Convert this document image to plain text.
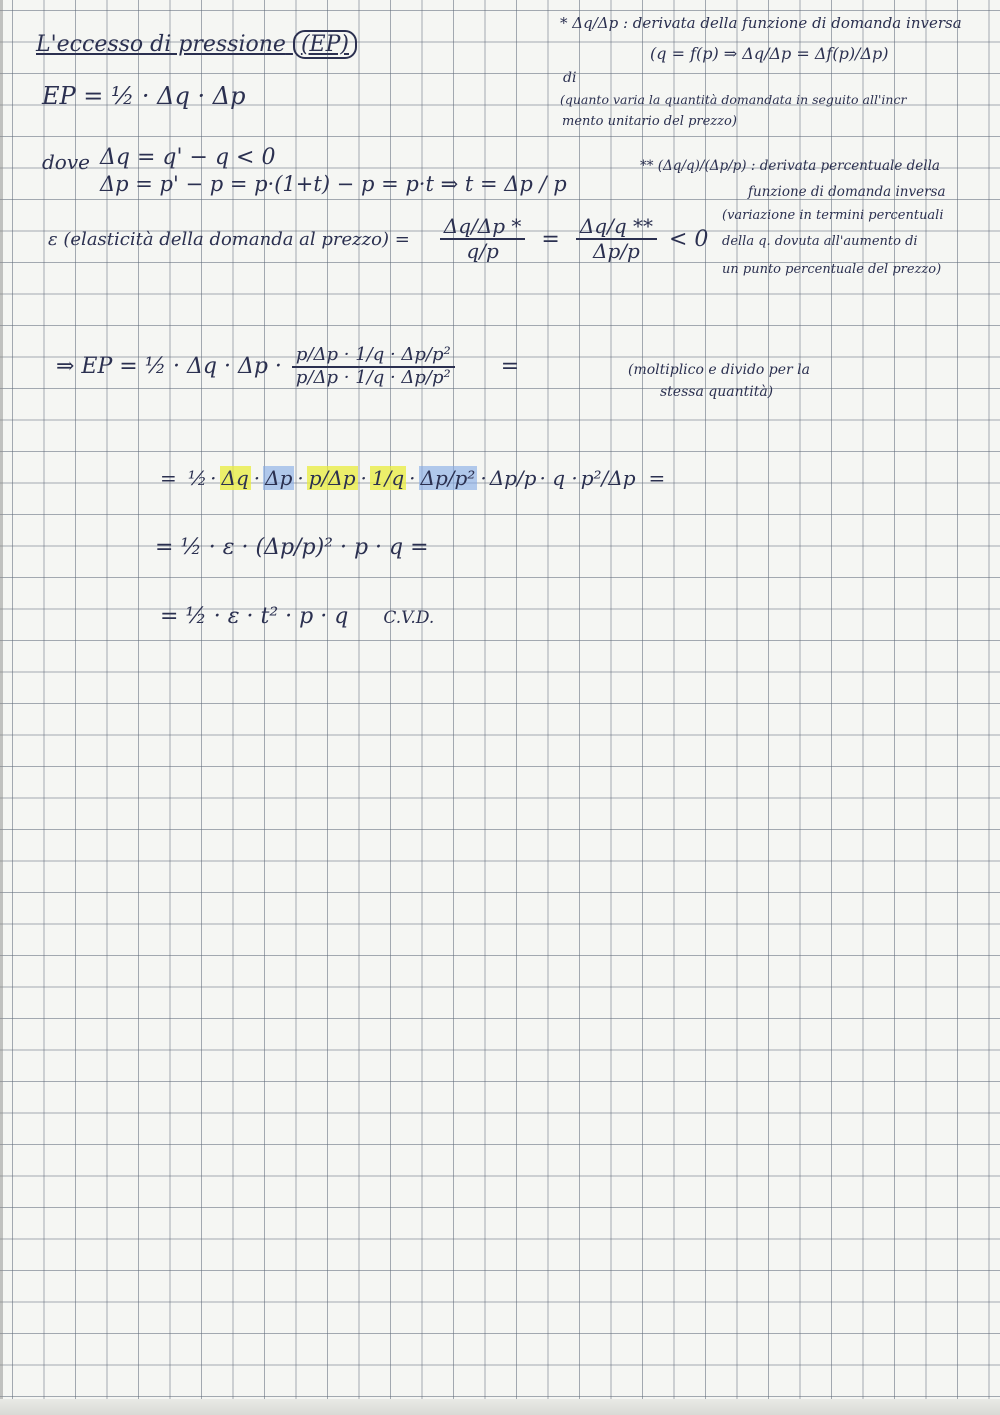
L'eccesso di pressione (EP)
EP = ½ · Δq · Δp
dove Δq = q' − q < 0
Δp = p' − p = p·(1+t) − p = p·t ⇒ t = Δp / p
ε (elasticità della domanda al prezzo) = $\frac{\Delta q/\Delta p *}{q/p} = \frac{\Delta q/q **}{\Delta p/p} < 0$
* Δq/Δp : derivata della funzione di domanda inversa
(q = f(p) ⇒ Δq/Δp = Δf(p)/Δp)
di
(quanto varia la quantità domandata in seguito all'incr
mento unitario del prezzo)
** (Δq/q)/(Δp/p) : derivata percentuale della
funzione di domanda inversa
(variazione in termini percentuali
della q. dovuta all'aumento di
un punto percentuale del prezzo)
⇒ EP = ½ · $\Delta q \cdot \Delta p \cdot \frac{\text{p/Δp · 1/q · Δp/p²}}{\text{p/Δp · 1/q · Δp/p²}}$ =	(moltiplico e divido per la
stessa quantità)
= ½ · Δq · Δp · p/Δp · 1/q · Δp/p² · Δp/p · q · p²/Δp =
= ½ · ε · (Δp/p)² · p · q =
= ½ · ε · t² · p · q C.V.D.
